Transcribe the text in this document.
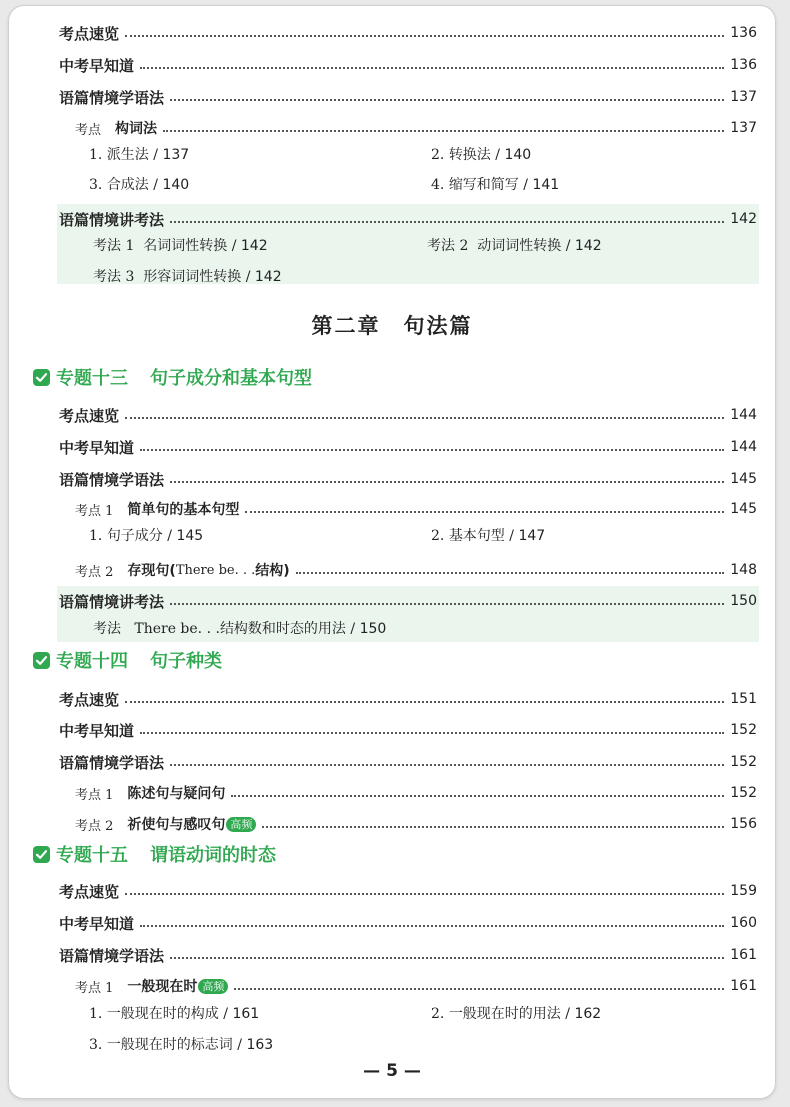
考点速览	136
中考早知道	136
语篇情境学语法	137
考点 构词法	137
1. 派生法 / 137	2. 转换法 / 140
3. 合成法 / 140	4. 缩写和简写 / 141
语篇情境讲考法	142
考法 1 名词词性转换 / 142	考法 2 动词词性转换 / 142
考法 3 形容词词性转换 / 142
第二章　句法篇
专题十三 句子成分和基本句型
考点速览	144
中考早知道	144
语篇情境学语法	145
考点 1 简单句的基本句型	145
1. 句子成分 / 145	2. 基本句型 / 147
考点 2 存现句( There be. . . 结构)	148
语篇情境讲考法	150
考法 There be. . .结构数和时态的用法 / 150
专题十四 句子种类
考点速览	151
中考早知道	152
语篇情境学语法	152
考点 1 陈述句与疑问句	152
考点 2 祈使句与感叹句 高频	156
专题十五 谓语动词的时态
考点速览	159
中考早知道	160
语篇情境学语法	161
考点 1 一般现在时 高频	161
1. 一般现在时的构成 / 161	2. 一般现在时的用法 / 162
3. 一般现在时的标志词 / 163
— 5 —
